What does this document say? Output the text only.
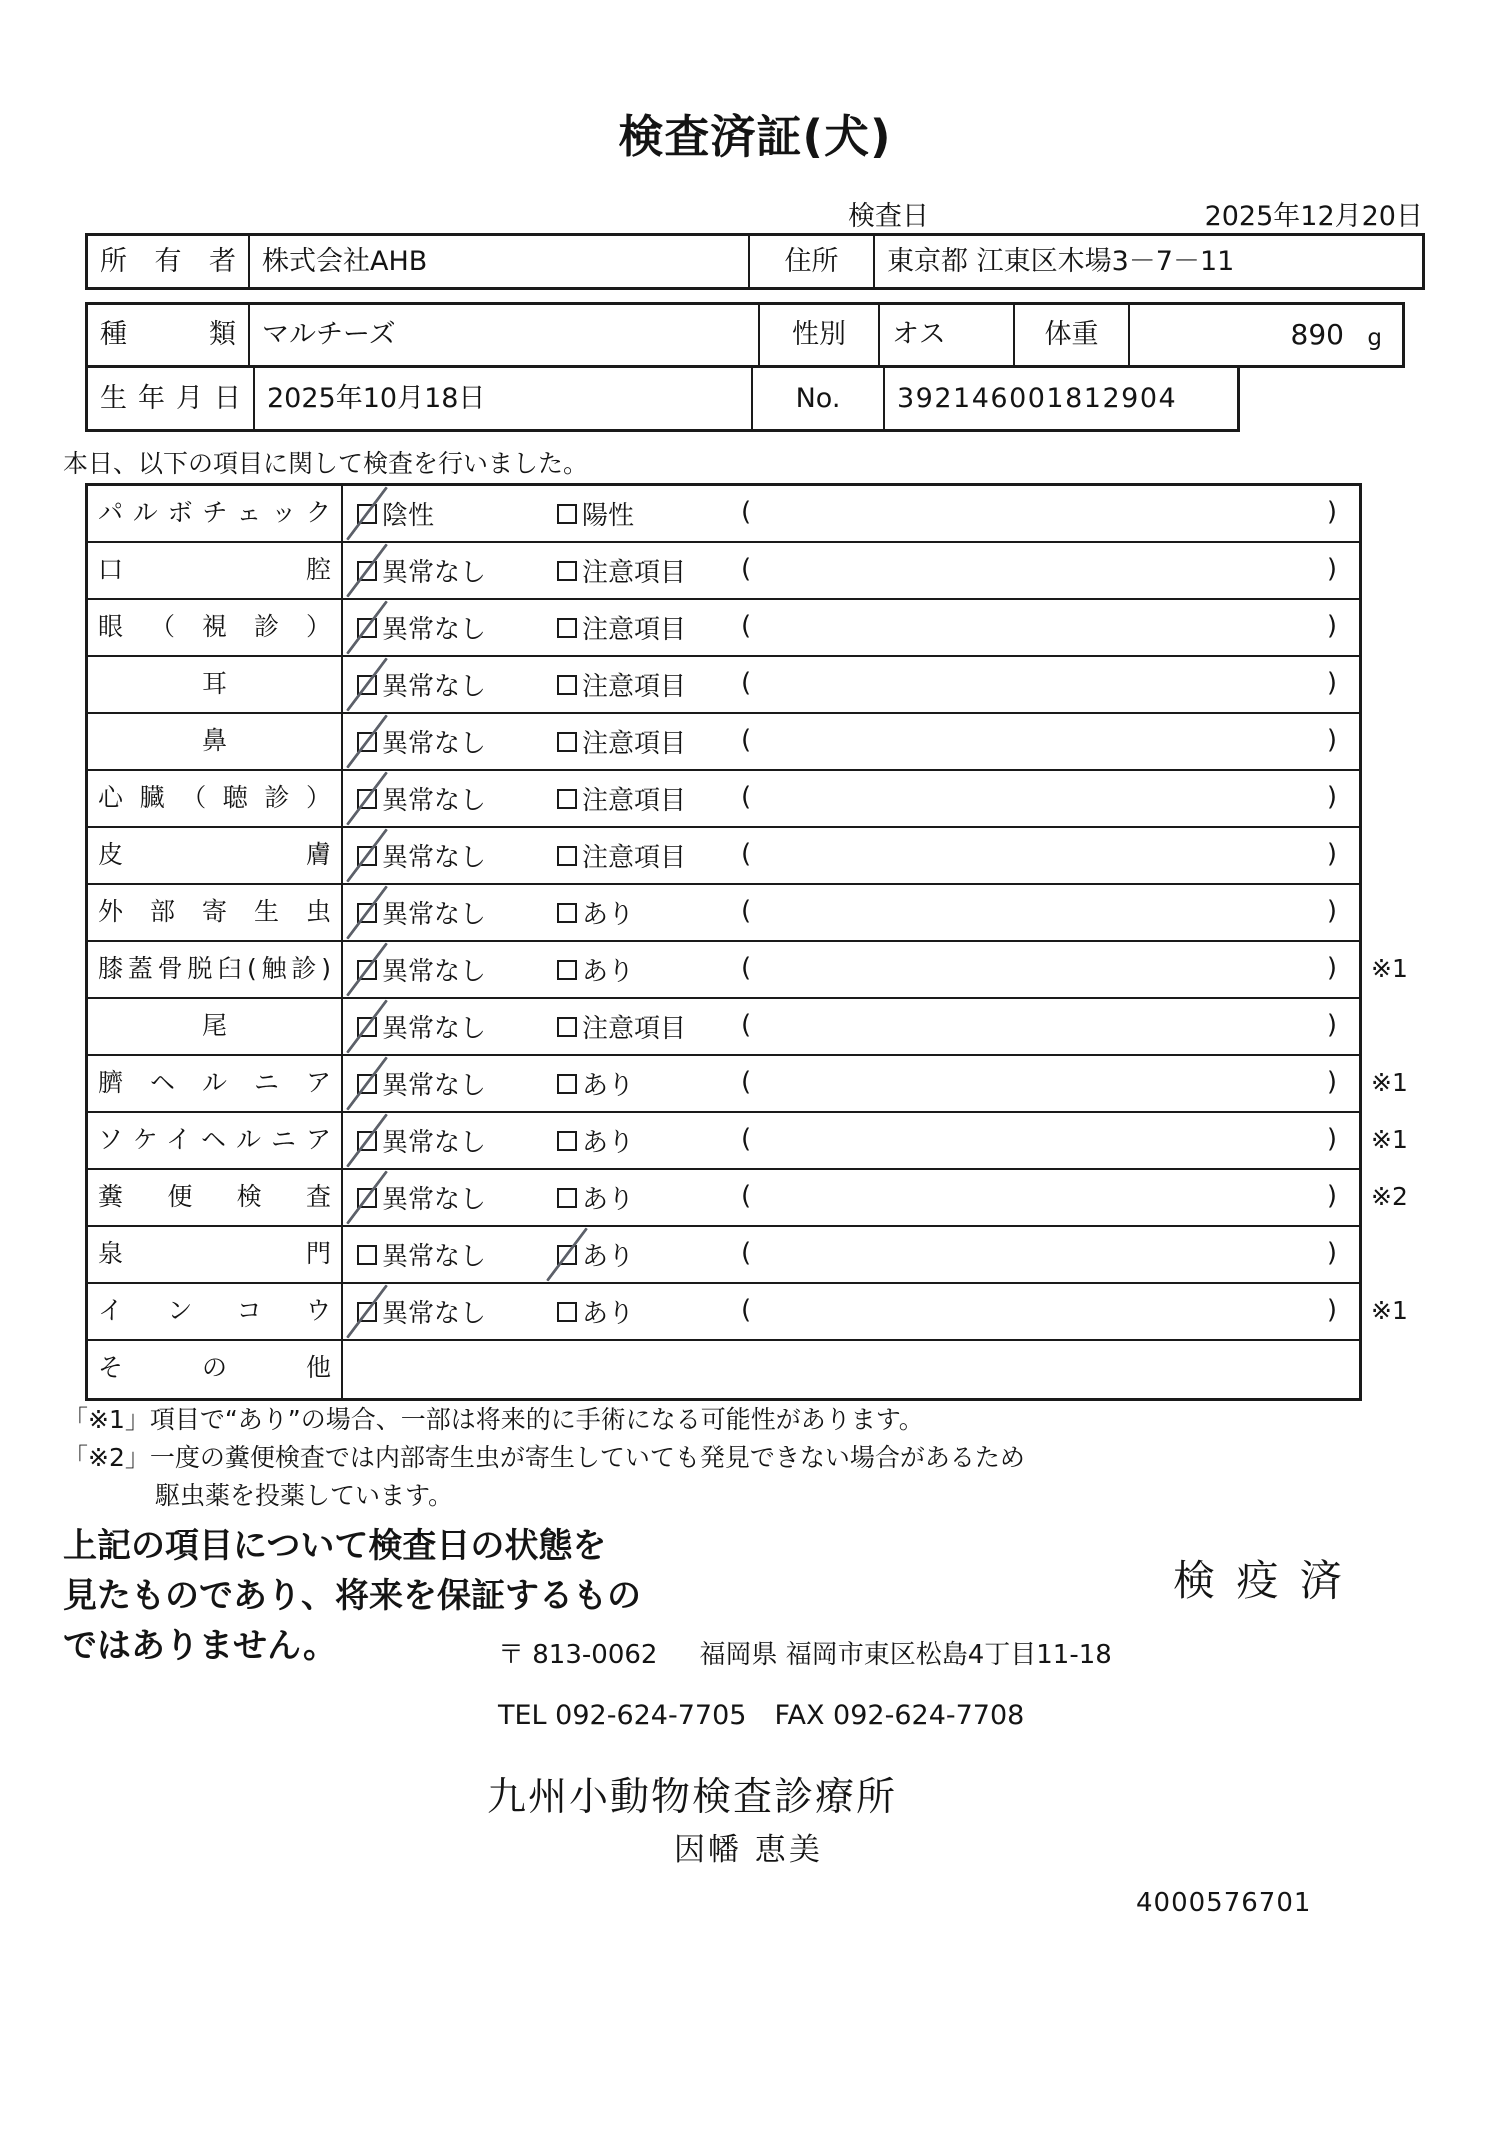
検査済証(犬)
検査日	2025年12月20日
所有者 株式会社AHB	住所	東京都 江東区木場3－7－11
種類 マルチーズ	性別	オス	体重	890 g
生年月日 2025年10月18日	No.	392146001812904
本日、以下の項目に関して検査を行いました。
パルボチェック	陰性	陽性	(	)
口腔	異常なし	注意項目 (	)
眼（視診）	異常なし	注意項目 (	)
耳	異常なし	注意項目 (	)
鼻	異常なし	注意項目 (	)
心臓（聴診）	異常なし	注意項目 (	)
皮膚	異常なし	注意項目 (	)
外部寄生虫	異常なし	あり	(	)
膝蓋骨脱臼(触診)	異常なし	あり	(	) ※1
尾	異常なし	注意項目 (	)
臍ヘルニア	異常なし	あり	(	) ※1
ソケイヘルニア	異常なし	あり	(	) ※1
糞便検査	異常なし	あり	(	) ※2
泉門	異常なし	あり	(	)
インコウ	異常なし	あり	(	) ※1
その他
「※1」項目で“あり”の場合、一部は将来的に手術になる可能性があります。
「※2」一度の糞便検査では内部寄生虫が寄生していても発見できない場合があるため
駆虫薬を投薬しています。
上記の項目について検査日の状態を
見たものであり、将来を保証するもの
ではありません。
検 疫 済
〒 813-0062 福岡県 福岡市東区松島4丁目11-18
TEL 092-624-7705 FAX 092-624-7708
九州小動物検査診療所
因幡 恵美
4000576701
